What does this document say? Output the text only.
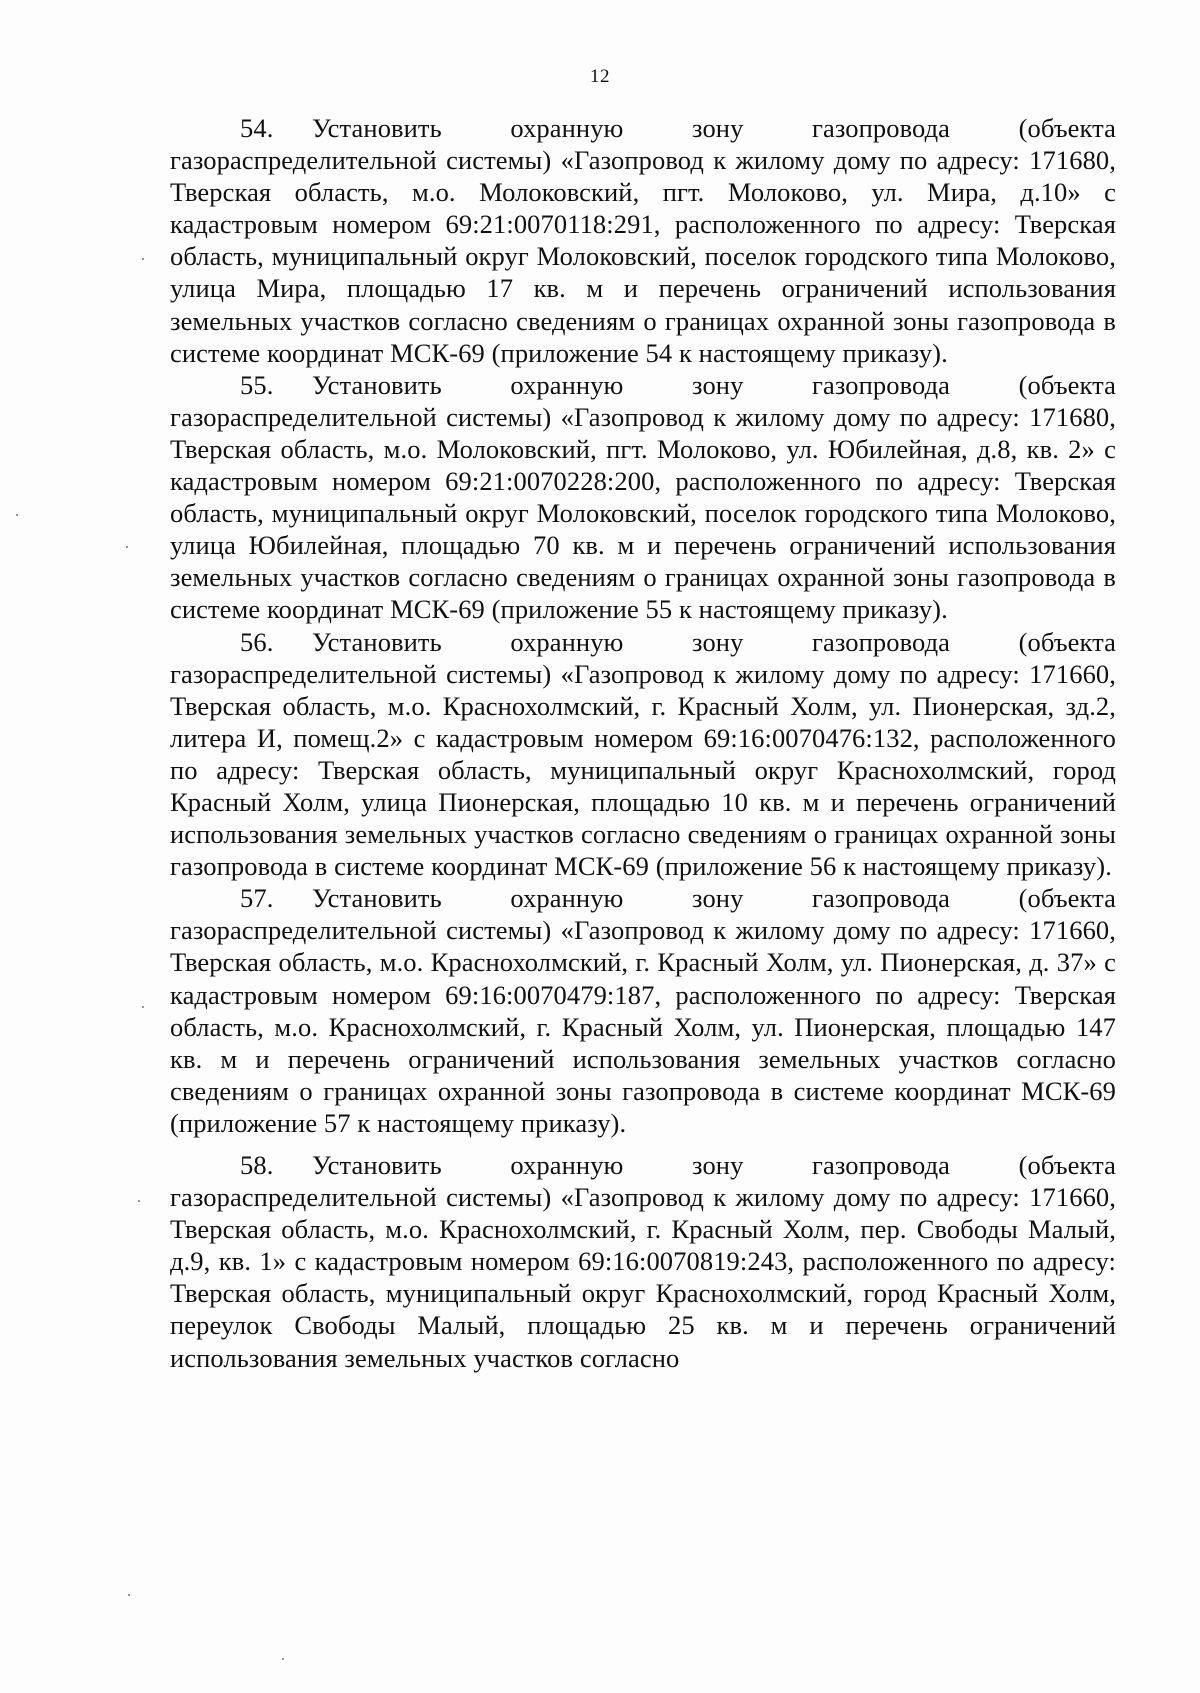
12

54. Установить охранную зону газопровода (объекта газораспределительной системы) «Газопровод к жилому дому по адресу: 171680, Тверская область, м.о. Молоковский, пгт. Молоково, ул. Мира, д.10» с кадастровым номером 69:21:0070118:291, расположенного по адресу: Тверская область, муниципальный округ Молоковский, поселок городского типа Молоково, улица Мира, площадью 17 кв. м и перечень ограничений использования земельных участков согласно сведениям о границах охранной зоны газопровода в системе координат МСК-69 (приложение 54 к настоящему приказу).

55. Установить охранную зону газопровода (объекта газораспределительной системы) «Газопровод к жилому дому по адресу: 171680, Тверская область, м.о. Молоковский, пгт. Молоково, ул. Юбилейная, д.8, кв. 2» с кадастровым номером 69:21:0070228:200, расположенного по адресу: Тверская область, муниципальный округ Молоковский, поселок городского типа Молоково, улица Юбилейная, площадью 70 кв. м и перечень ограничений использования земельных участков согласно сведениям о границах охранной зоны газопровода в системе координат МСК-69 (приложение 55 к настоящему приказу).

56. Установить охранную зону газопровода (объекта газораспределительной системы) «Газопровод к жилому дому по адресу: 171660, Тверская область, м.о. Краснохолмский, г. Красный Холм, ул. Пионерская, зд.2, литера И, помещ.2» с кадастровым номером 69:16:0070476:132, расположенного по адресу: Тверская область, муниципальный округ Краснохолмский, город Красный Холм, улица Пионерская, площадью 10 кв. м и перечень ограничений использования земельных участков согласно сведениям о границах охранной зоны газопровода в системе координат МСК-69 (приложение 56 к настоящему приказу).

57. Установить охранную зону газопровода (объекта газораспределительной системы) «Газопровод к жилому дому по адресу: 171660, Тверская область, м.о. Краснохолмский, г. Красный Холм, ул. Пионерская, д. 37» с кадастровым номером 69:16:0070479:187, расположенного по адресу: Тверская область, м.о. Краснохолмский, г. Красный Холм, ул. Пионерская, площадью 147 кв. м и перечень ограничений использования земельных участков согласно сведениям о границах охранной зоны газопровода в системе координат МСК-69 (приложение 57 к настоящему приказу).

58. Установить охранную зону газопровода (объекта газораспределительной системы) «Газопровод к жилому дому по адресу: 171660, Тверская область, м.о. Краснохолмский, г. Красный Холм, пер. Свободы Малый, д.9, кв. 1» с кадастровым номером 69:16:0070819:243, расположенного по адресу: Тверская область, муниципальный округ Краснохолмский, город Красный Холм, переулок Свободы Малый, площадью 25 кв. м и перечень ограничений использования земельных участков согласно
